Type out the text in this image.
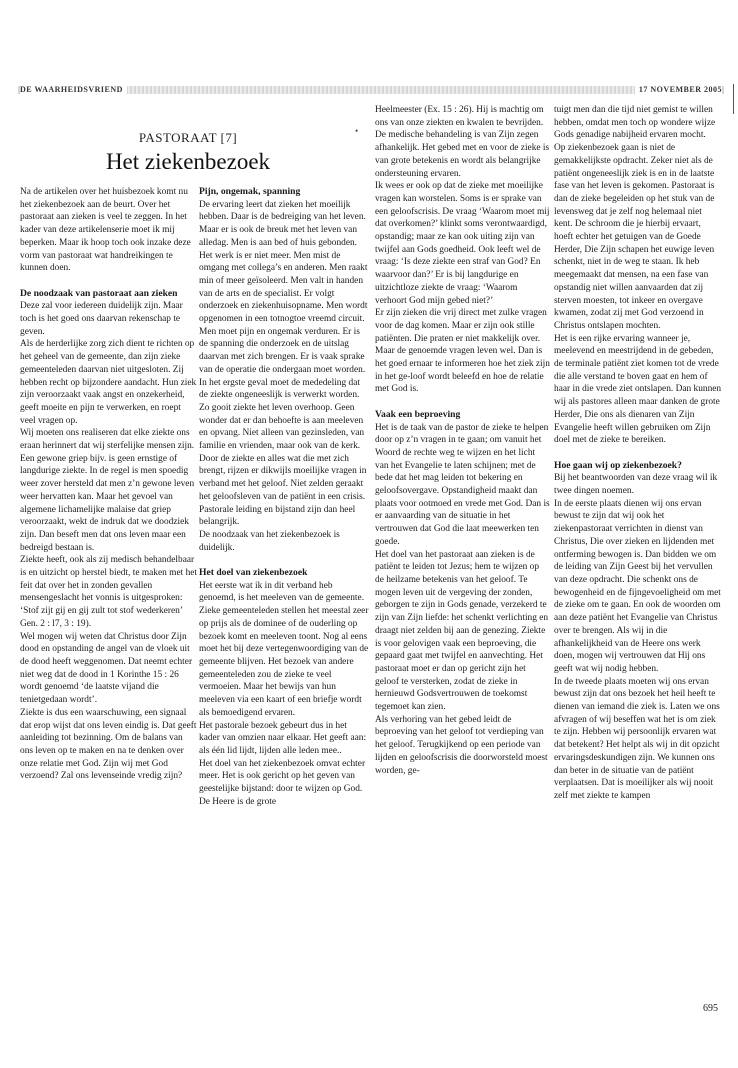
DE WAARHEIDSVRIEND	17 NOVEMBER 2005
PASTORAAT [7]
Het ziekenbezoek
•

Na de artikelen over het huisbezoek komt nu het ziekenbezoek aan de beurt. Over het pastoraat aan zieken is veel te zeggen. In het kader van deze artikelenserie moet ik mij beperken. Maar ik hoop toch ook inzake deze vorm van pastoraat wat handreikingen te kunnen doen.

De noodzaak van pastoraat aan zieken

Deze zal voor iedereen duidelijk zijn. Maar toch is het goed ons daarvan rekenschap te geven.

Als de herderlijke zorg zich dient te richten op het geheel van de gemeente, dan zijn zieke gemeenteleden daarvan niet uitgesloten. Zij hebben recht op bijzondere aandacht. Hun ziek zijn veroorzaakt vaak angst en onzekerheid, geeft moeite en pijn te verwerken, en roept veel vragen op.

Wij moeten ons realiseren dat elke ziekte ons eraan herinnert dat wij sterfelijke mensen zijn. Een gewone griep bijv. is geen ernstige of langdurige ziekte. In de regel is men spoedig weer zover hersteld dat men z’n gewone leven weer hervatten kan. Maar het gevoel van algemene lichamelijke malaise dat griep veroorzaakt, wekt de indruk dat we doodziek zijn. Dan beseft men dat ons leven maar een bedreigd bestaan is.

Ziekte heeft, ook als zij medisch behandelbaar is en uitzicht op herstel biedt, te maken met het feit dat over het in zonden gevallen mensengeslacht het vonnis is uitgesproken: ‘Stof zijt gij en gij zult tot stof wederkeren’ Gen. 2 : l7, 3 : 19).

Wel mogen wij weten dat Christus door Zijn dood en opstanding de angel van de vloek uit de dood heeft weggenomen. Dat neemt echter niet weg dat de dood in 1 Korinthe 15 : 26 wordt genoemd ‘de laatste vijand die tenietgedaan wordt’.

Ziekte is dus een waarschuwing, een signaal dat erop wijst dat ons leven eindig is. Dat geeft aanleiding tot bezinning. Om de balans van ons leven op te maken en na te denken over onze relatie met God. Zijn wij met God verzoend? Zal ons levenseinde vredig zijn?

Pijn, ongemak, spanning

De ervaring leert dat zieken het moeilijk hebben. Daar is de bedreiging van het leven. Maar er is ook de breuk met het leven van alledag. Men is aan bed of huis gebonden. Het werk is er niet meer. Men mist de omgang met collega’s en anderen. Men raakt min of meer geïsoleerd. Men valt in handen van de arts en de specialist. Er volgt onderzoek en ziekenhuisopname. Men wordt opgenomen in een totnogtoe vreemd circuit. Men moet pijn en ongemak verduren. Er is de spanning die onderzoek en de uitslag daarvan met zich brengen. Er is vaak sprake van de operatie die ondergaan moet worden. In het ergste geval moet de mededeling dat de ziekte ongeneeslijk is verwerkt worden.

Zo gooit ziekte het leven overhoop. Geen wonder dat er dan behoefte is aan meeleven en opvang. Niet alleen van gezinsleden, van familie en vrienden, maar ook van de kerk. Door de ziekte en alles wat die met zich brengt, rijzen er dikwijls moeilijke vragen in verband met het geloof. Niet zelden geraakt het geloofsleven van de patiënt in een crisis. Pastorale leiding en bijstand zijn dan heel belangrijk.

De noodzaak van het ziekenbezoek is duidelijk.

Het doel van ziekenbezoek

Het eerste wat ik in dit verband heb genoemd, is het meeleven van de gemeente. Zieke gemeenteleden stellen het meestal zeer op prijs als de dominee of de ouderling op bezoek komt en meeleven toont. Nog al eens moet het bij deze vertegenwoordiging van de gemeente blijven. Het bezoek van andere gemeenteleden zou de zieke te veel vermoeien. Maar het bewijs van hun meeleven via een kaart of een briefje wordt als bemoedigend ervaren.

Het pastorale bezoek gebeurt dus in het kader van omzien naar elkaar. Het geeft aan: als één lid lijdt, lijden alle leden mee..

Het doel van het ziekenbezoek omvat echter meer. Het is ook gericht op het geven van geestelijke bijstand: door te wijzen op God. De Heere is de grote

Heelmeester (Ex. 15 : 26). Hij is machtig om ons van onze ziekten en kwalen te bevrijden.

De medische behandeling is van Zijn zegen afhankelijk. Het gebed met en voor de zieke is van grote betekenis en wordt als belangrijke ondersteuning ervaren.

Ik wees er ook op dat de zieke met moeilijke vragen kan worstelen. Soms is er sprake van een geloofscrisis. De vraag ‘Waarom moet mij dat overkomen?’ klinkt soms verontwaardigd, opstandig; maar ze kan ook uiting zijn van twijfel aan Gods goedheid. Ook leeft wel de vraag: ‘Is deze ziekte een straf van God? En waarvoor dan?’ Er is bij langdurige en uitzichtloze ziekte de vraag: ‘Waarom verhoort God mijn gebed niet?’

Er zijn zieken die vrij direct met zulke vragen voor de dag komen. Maar er zijn ook stille patiënten. Die praten er niet makkelijk over. Maar de genoemde vragen leven wel. Dan is het goed ernaar te informeren hoe het ziek zijn in het ge-loof wordt beleefd en hoe de relatie met God is.

Vaak een beproeving

Het is de taak van de pastor de zieke te helpen door op z’n vragen in te gaan; om vanuit het Woord de rechte weg te wijzen en het licht van het Evangelie te laten schijnen; met de bede dat het mag leiden tot bekering en geloofsovergave. Opstandigheid maakt dan plaats voor ootmoed en vrede met God. Dan is er aanvaarding van de situatie in het vertrouwen dat God die laat meewerken ten goede.

Het doel van het pastoraat aan zieken is de patiënt te leiden tot Jezus; hem te wijzen op de heilzame betekenis van het geloof. Te mogen leven uit de vergeving der zonden, geborgen te zijn in Gods genade, verzekerd te zijn van Zijn liefde: het schenkt verlichting en draagt niet zelden bij aan de genezing. Ziekte is voor gelovigen vaak een beproeving, die gepaard gaat met twijfel en aanvechting. Het pastoraat moet er dan op gericht zijn het geloof te versterken, zodat de zieke in hernieuwd Godsvertrouwen de toekomst tegemoet kan zien.

Als verhoring van het gebed leidt de beproeving van het geloof tot verdieping van het geloof. Terugkijkend op een periode van lijden en geloofscrisis die doorworsteld moest worden, ge-

tuigt men dan die tijd niet gemist te willen hebben, omdat men toch op wondere wijze Gods genadige nabijheid ervaren mocht.

Op ziekenbezoek gaan is niet de gemakkelijkste opdracht. Zeker niet als de patiënt ongeneeslijk ziek is en in de laatste fase van het leven is gekomen. Pastoraat is dan de zieke begeleiden op het stuk van de levensweg dat je zelf nog helemaal niet kent. De schroom die je hierbij ervaart, hoeft echter het getuigen van de Goede Herder, Die Zijn schapen het euwige leven schenkt, niet in de weg te staan. Ik heb meegemaakt dat mensen, na een fase van opstandig niet willen aanvaarden dat zij sterven moesten, tot inkeer en overgave kwamen, zodat zij met God verzoend in Christus ontslapen mochten.

Het is een rijke ervaring wanneer je, meelevend en meestrijdend in de gebeden, de terminale patiënt ziet komen tot de vrede die alle verstand te boven gaat en hem of haar in die vrede ziet ontslapen. Dan kunnen wij als pastores alleen maar danken de grote Herder, Die ons als dienaren van Zijn Evangelie heeft willen gebruiken om Zijn doel met de zieke te bereiken.

Hoe gaan wij op ziekenbezoek?

Bij het beantwoorden van deze vraag wil ik twee dingen noemen.

In de eerste plaats dienen wij ons ervan bewust te zijn dat wij ook het ziekenpastoraat verrichten in dienst van Christus, Die over zieken en lijdenden met ontferming bewogen is. Dan bidden we om de leiding van Zijn Geest bij het vervullen van deze opdracht. Die schenkt ons de bewogenheid en de fijngevoeligheid om met de zieke om te gaan. En ook de woorden om aan deze patiënt het Evangelie van Christus over te brengen. Als wij in die afhankelijkheid van de Heere ons werk doen, mogen wij vertrouwen dat Hij ons geeft wat wij nodig hebben.

In de tweede plaats moeten wij ons ervan bewust zijn dat ons bezoek het heil heeft te dienen van iemand die ziek is. Laten we ons afvragen of wij beseffen wat het is om ziek te zijn. Hebben wij persoonlijk ervaren wat dat betekent? Het helpt als wij in dit opzicht ervaringsdeskundigen zijn. We kunnen ons dan beter in de situatie van de patiënt verplaatsen. Dat is moeilijker als wij nooit zelf met ziekte te kampen

695
